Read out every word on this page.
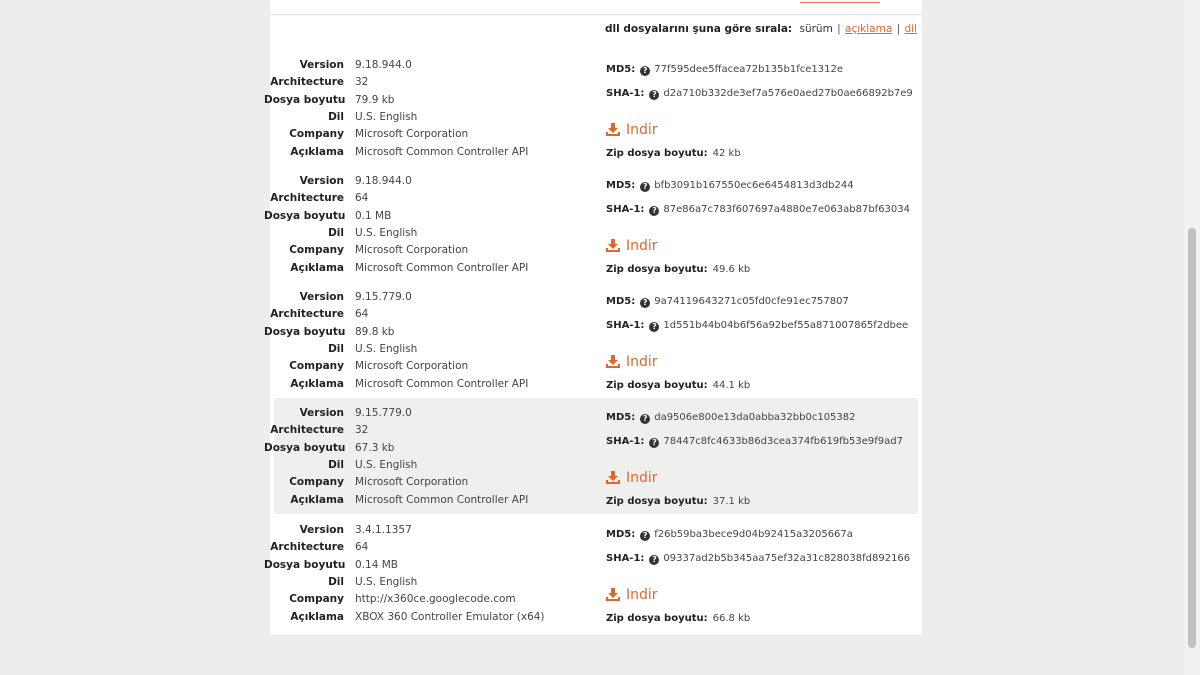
dll dosyalarını şuna göre sırala: sürüm | açıklama | dil
Version 9.18.944.0
Architecture 32
Dosya boyutu 79.9 kb
Dil U.S. English
Company Microsoft Corporation
Açıklama Microsoft Common Controller API
MD5: ? 77f595dee5ffacea72b135b1fce1312e
SHA-1: ? d2a710b332de3ef7a576e0aed27b0ae66892b7e9
Indir
Zip dosya boyutu: 42 kb
Version 9.18.944.0
Architecture 64
Dosya boyutu 0.1 MB
Dil U.S. English
Company Microsoft Corporation
Açıklama Microsoft Common Controller API
MD5: ? bfb3091b167550ec6e6454813d3db244
SHA-1: ? 87e86a7c783f607697a4880e7e063ab87bf63034
Indir
Zip dosya boyutu: 49.6 kb
Version 9.15.779.0
Architecture 64
Dosya boyutu 89.8 kb
Dil U.S. English
Company Microsoft Corporation
Açıklama Microsoft Common Controller API
MD5: ? 9a74119643271c05fd0cfe91ec757807
SHA-1: ? 1d551b44b04b6f56a92bef55a871007865f2dbee
Indir
Zip dosya boyutu: 44.1 kb
Version 9.15.779.0
Architecture 32
Dosya boyutu 67.3 kb
Dil U.S. English
Company Microsoft Corporation
Açıklama Microsoft Common Controller API
MD5: ? da9506e800e13da0abba32bb0c105382
SHA-1: ? 78447c8fc4633b86d3cea374fb619fb53e9f9ad7
Indir
Zip dosya boyutu: 37.1 kb
Version 3.4.1.1357
Architecture 64
Dosya boyutu 0.14 MB
Dil U.S. English
Company http://x360ce.googlecode.com
Açıklama XBOX 360 Controller Emulator (x64)
MD5: ? f26b59ba3bece9d04b92415a3205667a
SHA-1: ? 09337ad2b5b345aa75ef32a31c828038fd892166
Indir
Zip dosya boyutu: 66.8 kb
